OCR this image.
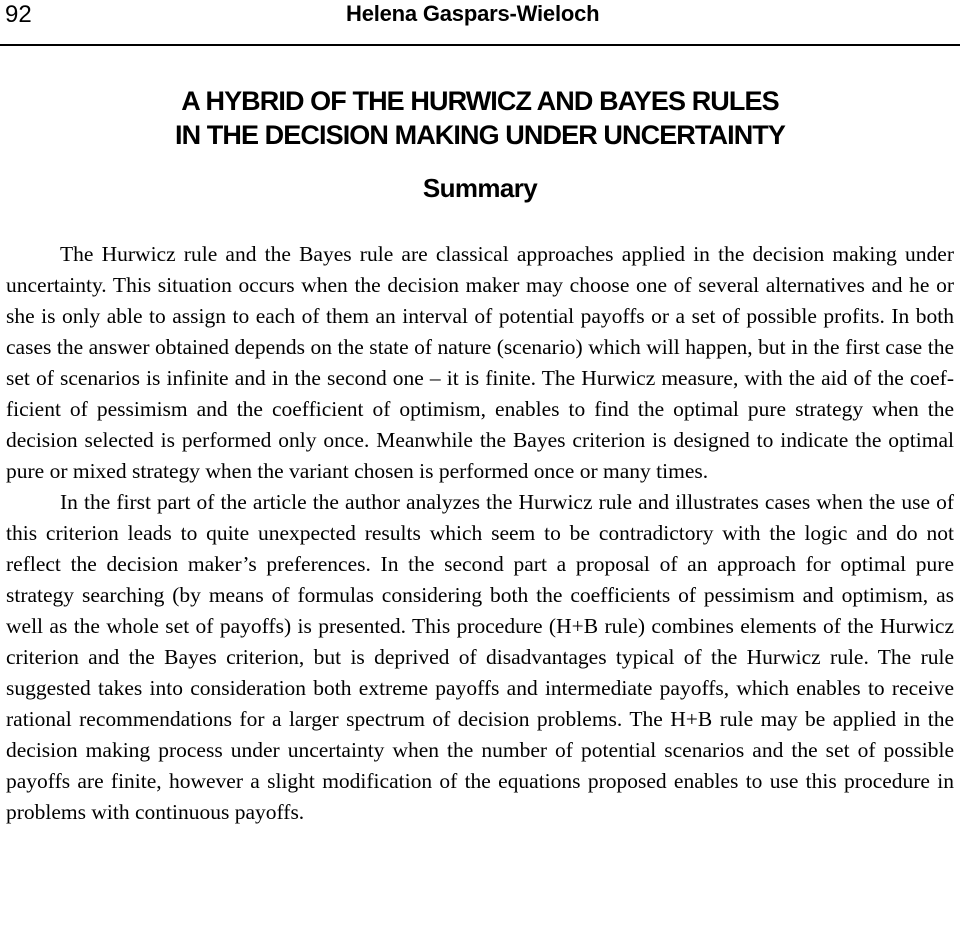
92	Helena Gaspars-Wieloch
A HYBRID OF THE HURWICZ AND BAYES RULES
IN THE DECISION MAKING UNDER UNCERTAINTY
Summary

The Hurwicz rule and the Bayes rule are classical approaches applied in the decision making under uncertainty. This situation occurs when the decision maker may choose one of several alternatives and he or she is only able to assign to each of them an interval of potential payoffs or a set of possible profits. In both cases the answer obtained depends on the state of nature (scenario) which will happen, but in the first case the set of scenarios is infinite and in the second one – it is finite. The Hurwicz measure, with the aid of the coefficient of pessimism and the coefficient of optimism, enables to find the optimal pure strategy when the decision selected is performed only once. Meanwhile the Bayes criterion is designed to indicate the optimal pure or mixed strategy when the variant chosen is performed once or many times.

In the first part of the article the author analyzes the Hurwicz rule and illustrates cases when the use of this criterion leads to quite unexpected results which seem to be contradictory with the logic and do not reflect the decision maker’s preferences. In the second part a proposal of an approach for optimal pure strategy searching (by means of formulas considering both the coefficients of pessimism and optimism, as well as the whole set of payoffs) is presented. This procedure (H+B rule) combines elements of the Hurwicz criterion and the Bayes criterion, but is deprived of disadvantages typical of the Hurwicz rule. The rule suggested takes into consideration both extreme payoffs and intermediate payoffs, which enables to receive rational recommendations for a larger spectrum of decision problems. The H+B rule may be applied in the decision making process under uncertainty when the number of potential scenarios and the set of possible payoffs are finite, however a slight modification of the equations proposed enables to use this procedure in problems with continuous payoffs.
